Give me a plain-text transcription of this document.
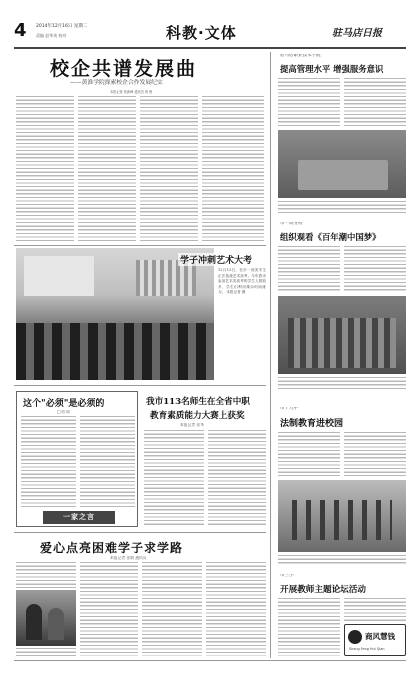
4	2014年12月16日 星期二
责编 赵华英 校对	科教·文体	驻马店日报
校企共谱发展曲
——黄淮学院探索校企合作发展纪实
本报记者 张新峰 通讯员 黄 俊
驻马店职业技术学院
提高管理水平 增强服务意识
市一高分校
组织观看《百年潮中国梦》
市十九中
法制教育进校园
市三小
开展教师主题论坛活动
商风慧钱
Shang Feng Hui Qian
学子冲刺艺术大考
12月13日，在市一高美术生正在备战艺术高考。今年我市参加艺术类高考的学生人数较多，学生们利用课余时间练习。 本报记者 摄
这个"必须"是必须的
□刘 琼
一家之言
我市113名师生在全省中职
教育素质能力大赛上获奖
本报记者 张华
爱心点亮困难学子求学路
本报记者 张敏 通讯员
